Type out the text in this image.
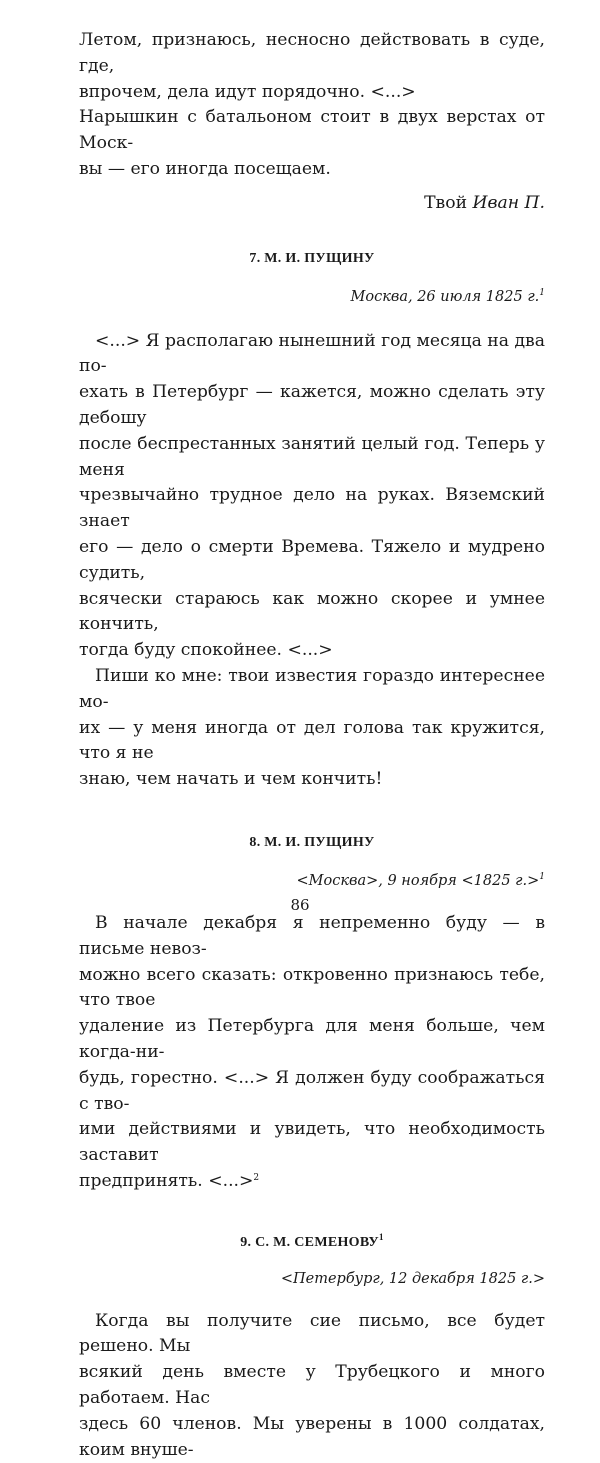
Летом, признаюсь, несносно действовать в суде, где,
впрочем, дела идут порядочно. <...>

Нарышкин с батальоном стоит в двух верстах от Моск-
вы — его иногда посещаем.

Твой Иван П.

7. М. И. ПУЩИНУ

Москва, 26 июля 1825 г.$^1$

<...> Я располагаю нынешний год месяца на два по-
ехать в Петербург — кажется, можно сделать эту дебошу
после беспрестанных занятий целый год. Теперь у меня
чрезвычайно трудное дело на руках. Вяземский знает
его — дело о смерти Времева. Тяжело и мудрено судить,
всячески стараюсь как можно скорее и умнее кончить,
тогда буду спокойнее. <...>

Пиши ко мне: твои известия гораздо интереснее мо-
их — у меня иногда от дел голова так кружится, что я не
знаю, чем начать и чем кончить!

8. М. И. ПУЩИНУ

<Москва>, 9 ноября <1825 г.>$^1$

В начале декабря я непременно буду — в письме невоз-
можно всего сказать: откровенно признаюсь тебе, что твое
удаление из Петербурга для меня больше, чем когда-ни-
будь, горестно. <...> Я должен буду соображаться с тво-
ими действиями и увидеть, что необходимость заставит
предпринять. <...>$^2$

9. С. М. СЕМЕНОВУ$^1$

<Петербург, 12 декабря 1825 г.>

Когда вы получите сие письмо, все будет решено. Мы
всякий день вместе у Трубецкого и много работаем. Нас
здесь 60 членов. Мы уверены в 1000 солдатах, коим внуше-

86
